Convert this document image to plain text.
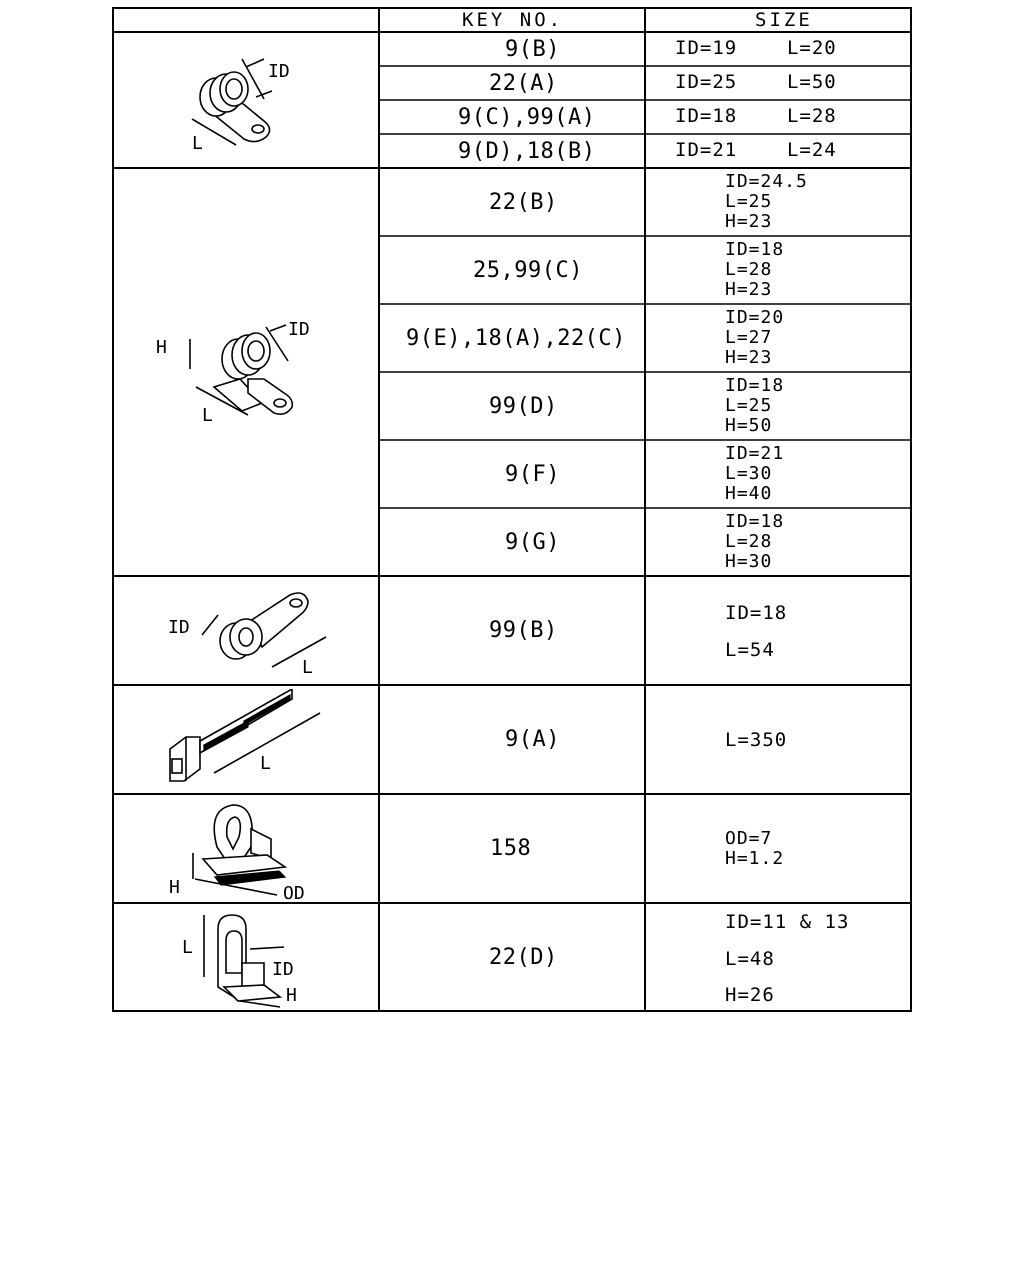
KEY NO.	SIZE
9(B)
22(A)
9(C),99(A)
9(D),18(B)
22(B)
25,99(C)
9(E),18(A),22(C)
99(D)
9(F)
9(G)
99(B)
9(A)
158
22(D)
ID=19    L=20
ID=25    L=50
ID=18    L=28
ID=21    L=24
ID=24.5
L=25
H=23
ID=18
L=28
H=23
ID=20
L=27
H=23
ID=18
L=25
H=50
ID=21
L=30
H=40
ID=18
L=28
H=30
ID=18
L=54
L=350
OD=7
H=1.2
ID=11 & 13
L=48
H=26
ID
L
H
ID
L
ID
L
L
H	OD
L
ID
H
